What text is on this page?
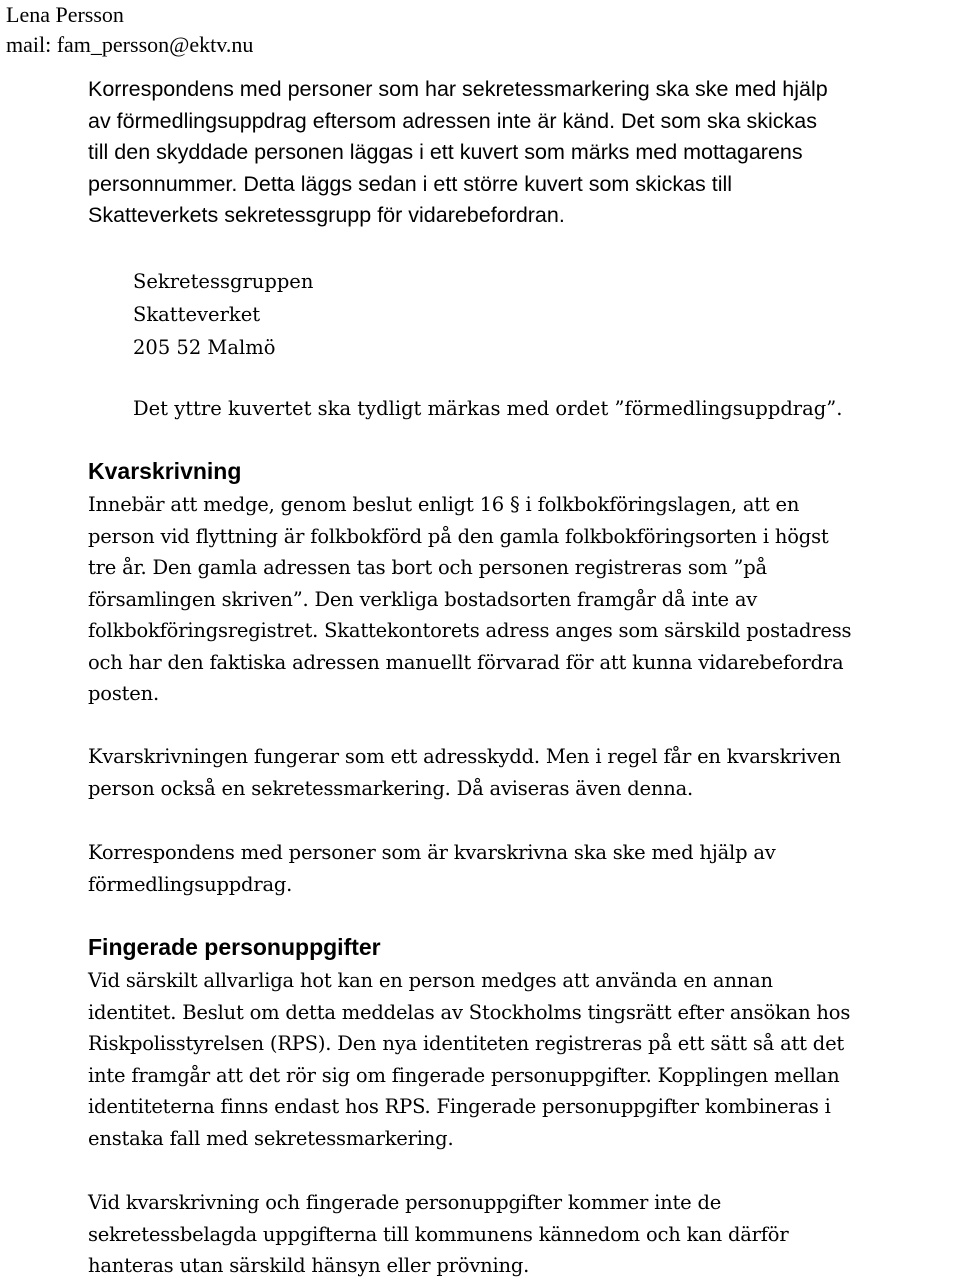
Lena Persson
mail: fam_persson@ektv.nu
Korrespondens med personer som har sekretessmarkering ska ske med hjälp
av förmedlingsuppdrag eftersom adressen inte är känd. Det som ska skickas
till den skyddade personen läggas i ett kuvert som märks med mottagarens
personnummer. Detta läggs sedan i ett större kuvert som skickas till
Skatteverkets sekretessgrupp för vidarebefordran.
Sekretessgruppen
Skatteverket
205 52 Malmö
Det yttre kuvertet ska tydligt märkas med ordet ”förmedlingsuppdrag”.
Kvarskrivning
Innebär att medge, genom beslut enligt 16 § i folkbokföringslagen, att en
person vid flyttning är folkbokförd på den gamla folkbokföringsorten i högst
tre år. Den gamla adressen tas bort och personen registreras som ”på
församlingen skriven”. Den verkliga bostadsorten framgår då inte av
folkbokföringsregistret. Skattekontorets adress anges som särskild postadress
och har den faktiska adressen manuellt förvarad för att kunna vidarebefordra
posten.
Kvarskrivningen fungerar som ett adresskydd. Men i regel får en kvarskriven
person också en sekretessmarkering. Då aviseras även denna.
Korrespondens med personer som är kvarskrivna ska ske med hjälp av
förmedlingsuppdrag.
Fingerade personuppgifter
Vid särskilt allvarliga hot kan en person medges att använda en annan
identitet. Beslut om detta meddelas av Stockholms tingsrätt efter ansökan hos
Riskpolisstyrelsen (RPS). Den nya identiteten registreras på ett sätt så att det
inte framgår att det rör sig om fingerade personuppgifter. Kopplingen mellan
identiteterna finns endast hos RPS. Fingerade personuppgifter kombineras i
enstaka fall med sekretessmarkering.
Vid kvarskrivning och fingerade personuppgifter kommer inte de
sekretessbelagda uppgifterna till kommunens kännedom och kan därför
hanteras utan särskild hänsyn eller prövning.
